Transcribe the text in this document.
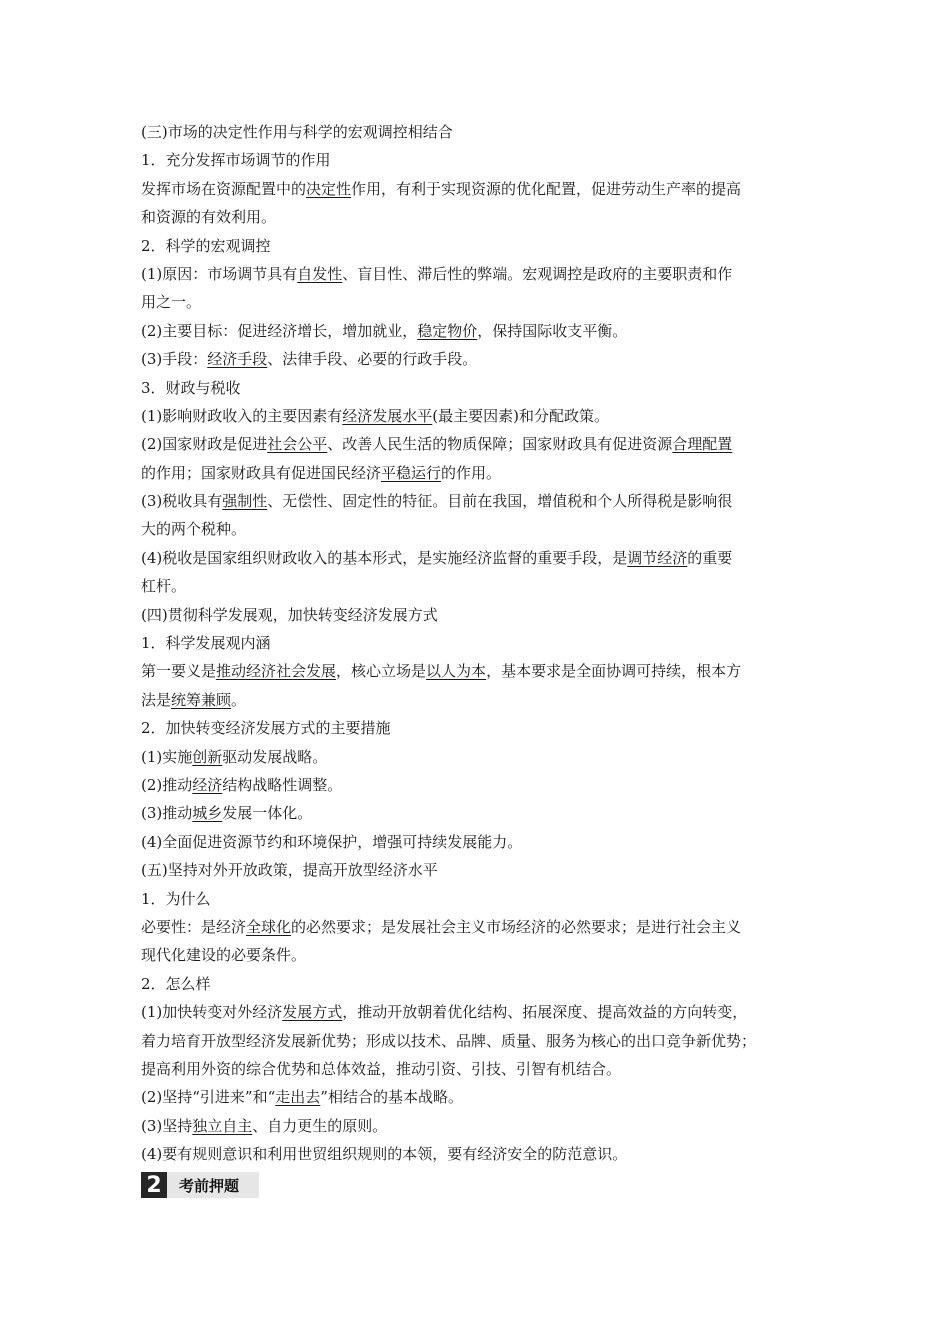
(三)市场的决定性作用与科学的宏观调控相结合
1．充分发挥市场调节的作用
发挥市场在资源配置中的决定性作用，有利于实现资源的优化配置，促进劳动生产率的提高
和资源的有效利用。
2．科学的宏观调控
(1)原因：市场调节具有自发性、盲目性、滞后性的弊端。宏观调控是政府的主要职责和作
用之一。
(2)主要目标：促进经济增长，增加就业，稳定物价，保持国际收支平衡。
(3)手段：经济手段、法律手段、必要的行政手段。
3．财政与税收
(1)影响财政收入的主要因素有经济发展水平(最主要因素)和分配政策。
(2)国家财政是促进社会公平、改善人民生活的物质保障；国家财政具有促进资源合理配置
的作用；国家财政具有促进国民经济平稳运行的作用。
(3)税收具有强制性、无偿性、固定性的特征。目前在我国，增值税和个人所得税是影响很
大的两个税种。
(4)税收是国家组织财政收入的基本形式，是实施经济监督的重要手段，是调节经济的重要
杠杆。
(四)贯彻科学发展观，加快转变经济发展方式
1．科学发展观内涵
第一要义是推动经济社会发展，核心立场是以人为本，基本要求是全面协调可持续，根本方
法是统筹兼顾。
2．加快转变经济发展方式的主要措施
(1)实施创新驱动发展战略。
(2)推动经济结构战略性调整。
(3)推动城乡发展一体化。
(4)全面促进资源节约和环境保护，增强可持续发展能力。
(五)坚持对外开放政策，提高开放型经济水平
1．为什么
必要性：是经济全球化的必然要求；是发展社会主义市场经济的必然要求；是进行社会主义
现代化建设的必要条件。
2．怎么样
(1)加快转变对外经济发展方式，推动开放朝着优化结构、拓展深度、提高效益的方向转变，
着力培育开放型经济发展新优势；形成以技术、品牌、质量、服务为核心的出口竞争新优势；
提高利用外资的综合优势和总体效益，推动引资、引技、引智有机结合。
(2)坚持“引进来”和“走出去”相结合的基本战略。
(3)坚持独立自主、自力更生的原则。
(4)要有规则意识和利用世贸组织规则的本领，要有经济安全的防范意识。
2	考前押题
